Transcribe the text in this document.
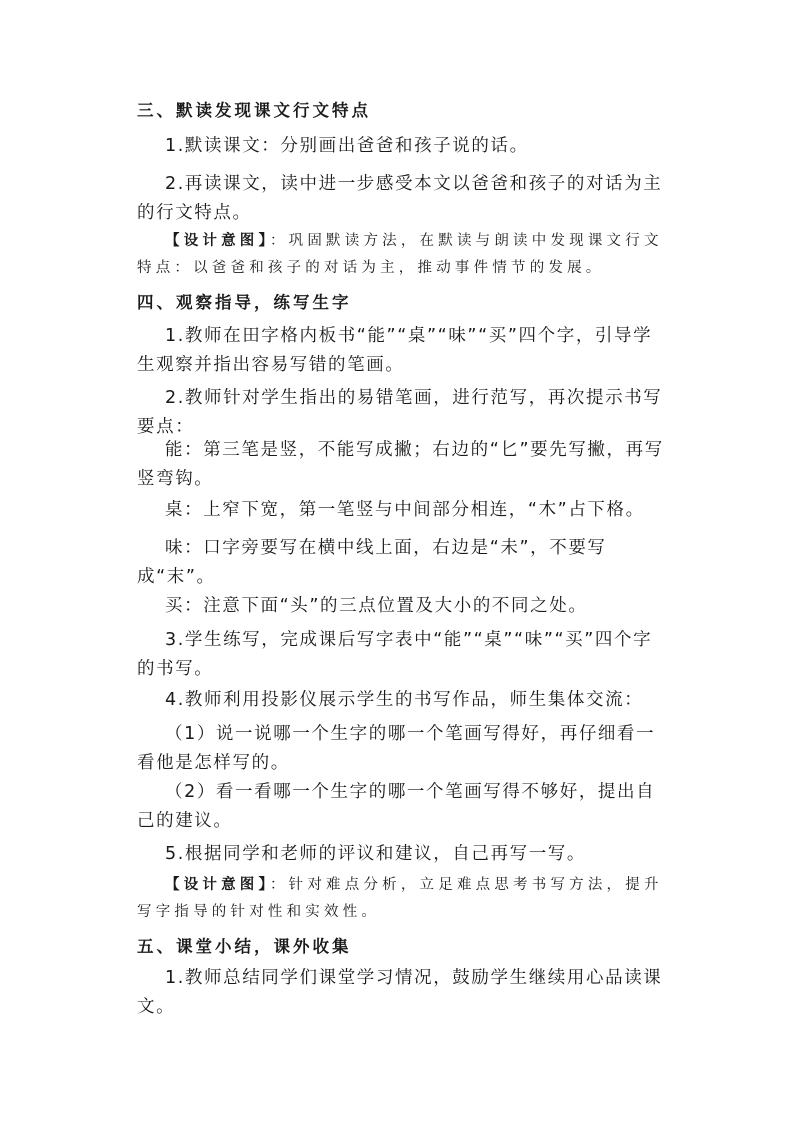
三、默读发现课文行文特点

1.默读课文：分别画出爸爸和孩子说的话。

2.再读课文，读中进一步感受本文以爸爸和孩子的对话为主的行文特点。

【设计意图】：巩固默读方法，在默读与朗读中发现课文行文特点：以爸爸和孩子的对话为主，推动事件情节的发展。

四、观察指导，练写生字

1.教师在田字格内板书“能”“桌”“味”“买”四个字，引导学生观察并指出容易写错的笔画。

2.教师针对学生指出的易错笔画，进行范写，再次提示书写要点：

能：第三笔是竖，不能写成撇；右边的“匕”要先写撇，再写竖弯钩。

桌：上窄下宽，第一笔竖与中间部分相连，“木”占下格。

味：口字旁要写在横中线上面，右边是“未”，不要写成“末”。

买：注意下面“头”的三点位置及大小的不同之处。

3.学生练写，完成课后写字表中“能”“桌”“味”“买”四个字的书写。

4.教师利用投影仪展示学生的书写作品，师生集体交流：

（1）说一说哪一个生字的哪一个笔画写得好，再仔细看一看他是怎样写的。

（2）看一看哪一个生字的哪一个笔画写得不够好，提出自己的建议。

5.根据同学和老师的评议和建议，自己再写一写。

【设计意图】：针对难点分析，立足难点思考书写方法，提升写字指导的针对性和实效性。

五、课堂小结，课外收集

1.教师总结同学们课堂学习情况，鼓励学生继续用心品读课文。
